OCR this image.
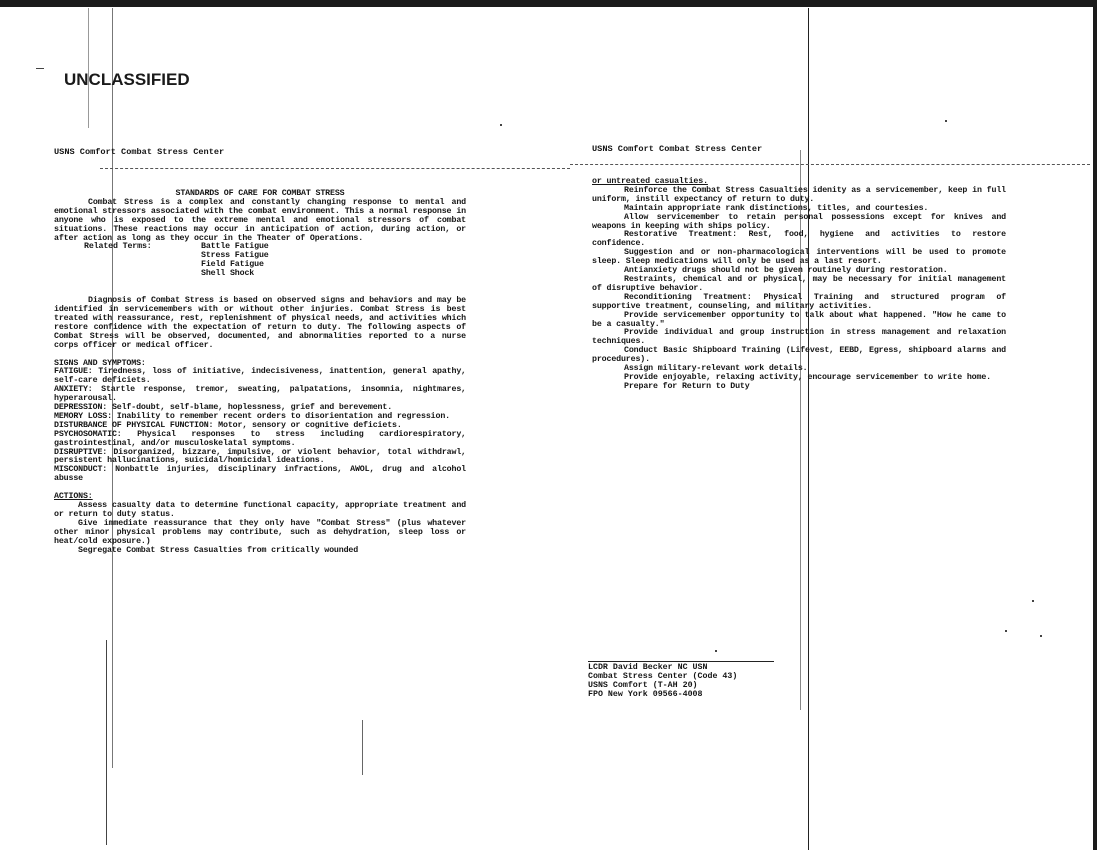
UNCLASSIFIED
USNS Comfort Combat Stress Center

STANDARDS OF CARE FOR COMBAT STRESS

Combat Stress is a complex and constantly changing response to mental and emotional stressors associated with the combat environment. This a normal response in anyone who is exposed to the extreme mental and emotional stressors of combat situations. These reactions may occur in anticipation of action, during action, or after action as long as they occur in the Theater of Operations.

Related Terms:	Battle Fatigue

Stress Fatigue

Field Fatigue

Shell Shock

Diagnosis of Combat Stress is based on observed signs and behaviors and may be identified in servicemembers with or without other injuries. Combat Stress is best treated with reassurance, rest, replenishment of physical needs, and activities which restore confidence with the expectation of return to duty. The following aspects of Combat Stress will be observed, documented, and abnormalities reported to a nurse corps officer or medical officer.

SIGNS AND SYMPTOMS:

FATIGUE: Tiredness, loss of initiative, indecisiveness, inattention, general apathy, self-care deficiets.

ANXIETY: Startle response, tremor, sweating, palpatations, insomnia, nightmares, hyperarousal.

DEPRESSION: Self-doubt, self-blame, hoplessness, grief and berevement.

MEMORY LOSS: Inability to remember recent orders to disorientation and regression.

DISTURBANCE OF PHYSICAL FUNCTION: Motor, sensory or cognitive deficiets.

PSYCHOSOMATIC: Physical responses to stress including cardiorespiratory, gastrointestinal, and/or musculoskelatal symptoms.

DISRUPTIVE: Disorganized, bizzare, impulsive, or violent behavior, total withdrawl, persistent hallucinations, suicidal/homicidal ideations.

MISCONDUCT: Nonbattle injuries, disciplinary infractions, AWOL, drug and alcohol abusse

ACTIONS:

Assess casualty data to determine functional capacity, appropriate treatment and or return to duty status.

Give immediate reassurance that they only have "Combat Stress" (plus whatever other minor physical problems may contribute, such as dehydration, sleep loss or heat/cold exposure.)

Segregate Combat Stress Casualties from critically wounded

USNS Comfort Combat Stress Center

or untreated casualties.

Reinforce the Combat Stress Casualties idenity as a servicemember, keep in full uniform, instill expectancy of return to duty.

Maintain appropriate rank distinctions, titles, and courtesies.

Allow servicemember to retain personal possessions except for knives and weapons in keeping with ships policy.

Restorative Treatment: Rest, food, hygiene and activities to restore confidence.

Suggestion and or non-pharmacological interventions will be used to promote sleep. Sleep medications will only be used as a last resort.

Antianxiety drugs should not be given routinely during restoration.

Restraints, chemical and or physical, may be necessary for initial management of disruptive behavior.

Reconditioning Treatment: Physical Training and structured program of supportive treatment, counseling, and military activities.

Provide servicemember opportunity to talk about what happened. "How he came to be a casualty."

Provide individual and group instruction in stress management and relaxation techniques.

Conduct Basic Shipboard Training (Lifevest, EEBD, Egress, shipboard alarms and procedures).

Assign military-relevant work details.

Provide enjoyable, relaxing activity, encourage servicemember to write home.

Prepare for Return to Duty

LCDR David Becker NC USN

Combat Stress Center (Code 43)

USNS Comfort (T-AH 20)

FPO New York 09566-4008
